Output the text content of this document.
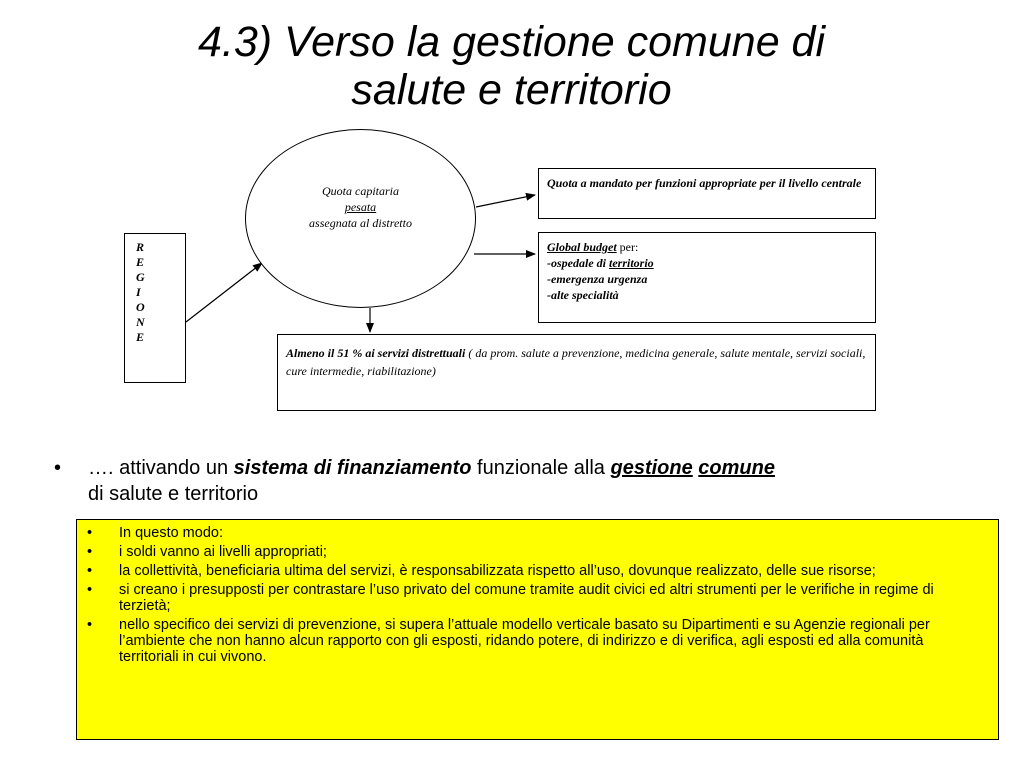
4.3) Verso la gestione comune di
salute e territorio
R
E
G
I
O
N
E
Quota capitaria
pesata
assegnata al distretto
Quota a mandato per funzioni appropriate per il livello centrale
Global budget per:
-ospedale di territorio
-emergenza urgenza
-alte specialità
Almeno il 51 % ai servizi distrettuali ( da prom. salute a prevenzione, medicina generale, salute mentale, servizi sociali, cure intermedie, riabilitazione)
• …. attivando un sistema di finanziamento funzionale alla gestione comune
di salute e territorio
• In questo modo:
• i soldi vanno ai livelli appropriati;
• la collettività, beneficiaria ultima del servizi, è responsabilizzata rispetto all’uso, dovunque realizzato, delle sue risorse;
• si creano i presupposti per contrastare l’uso privato del comune tramite audit civici ed altri strumenti per le verifiche in regime di terzietà;
• nello specifico dei servizi di prevenzione, si supera l’attuale modello verticale basato su Dipartimenti e su Agenzie regionali per l’ambiente che non hanno alcun rapporto con gli esposti, ridando potere, di indirizzo e di verifica, agli esposti ed alla comunità territoriali in cui vivono.
